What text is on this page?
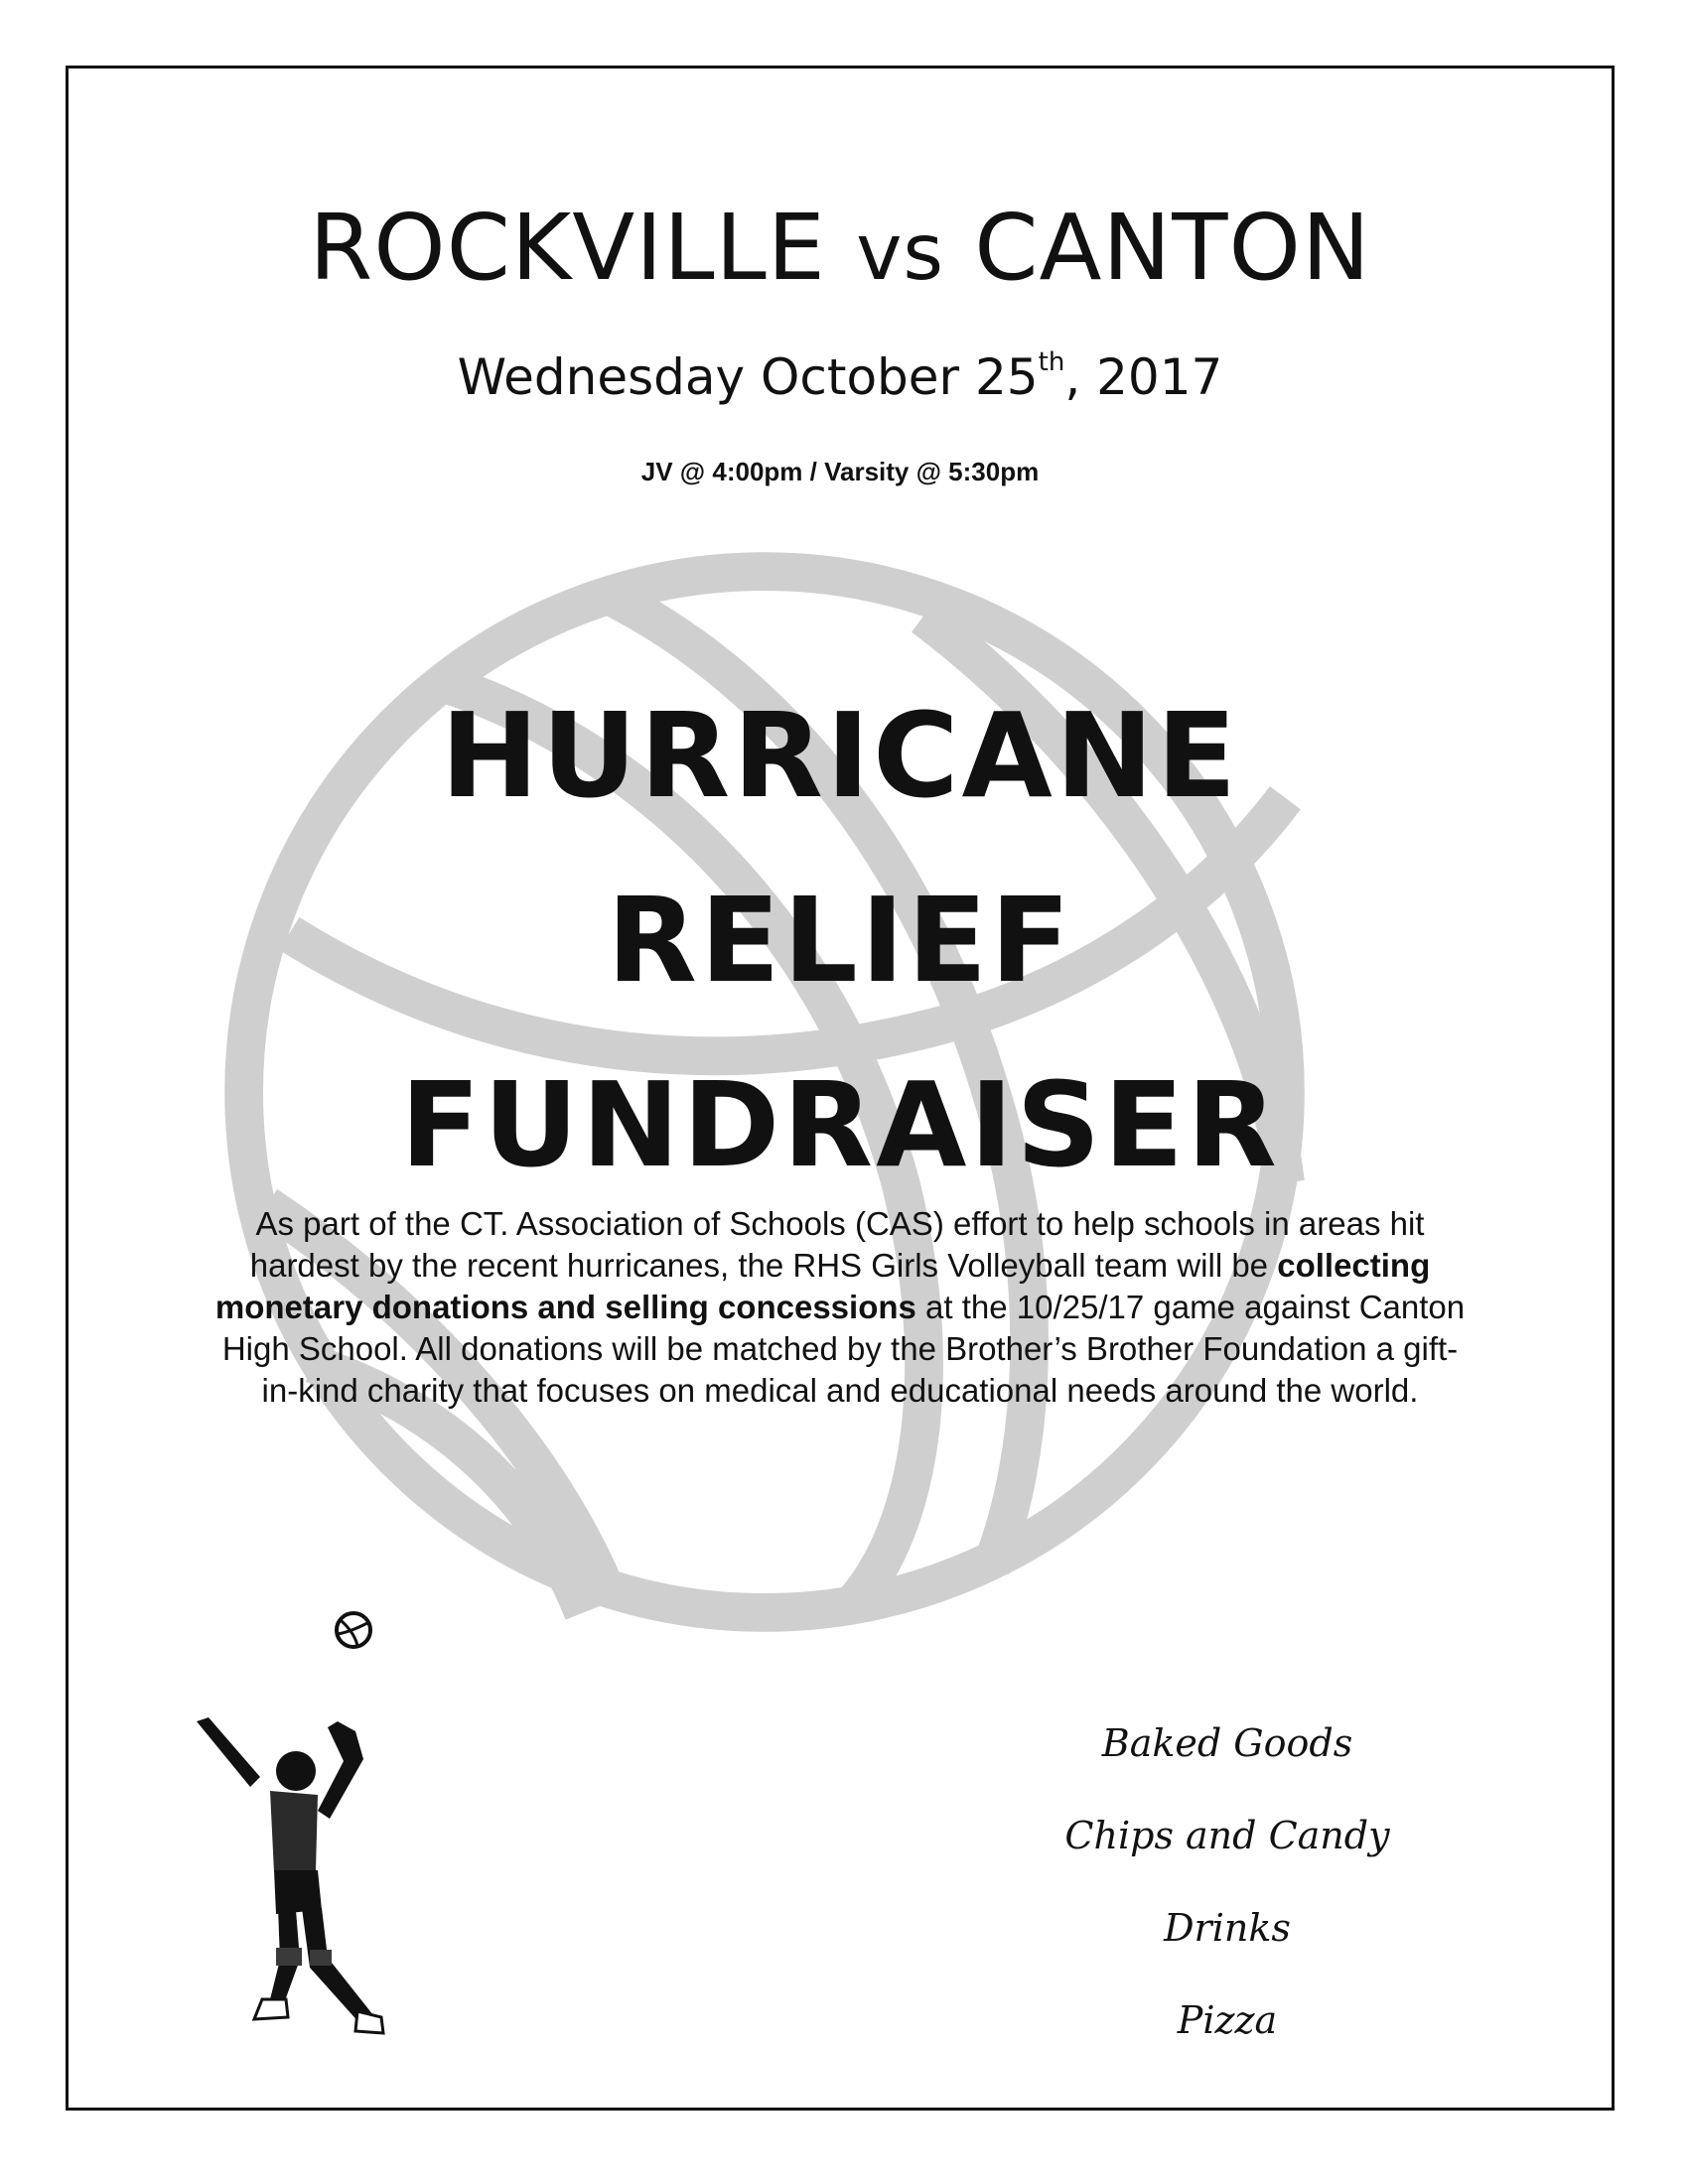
ROCKVILLE vs CANTON
Wednesday October 25th, 2017
JV @ 4:00pm / Varsity @ 5:30pm
HURRICANE
RELIEF
FUNDRAISER
As part of the CT. Association of Schools (CAS) effort to help schools in areas hit hardest by the recent hurricanes, the RHS Girls Volleyball team will be collecting monetary donations and selling concessions at the 10/25/17 game against Canton High School. All donations will be matched by the Brother’s Brother Foundation a gift-in-kind charity that focuses on medical and educational needs around the world.
Baked Goods
Chips and Candy
Drinks
Pizza
